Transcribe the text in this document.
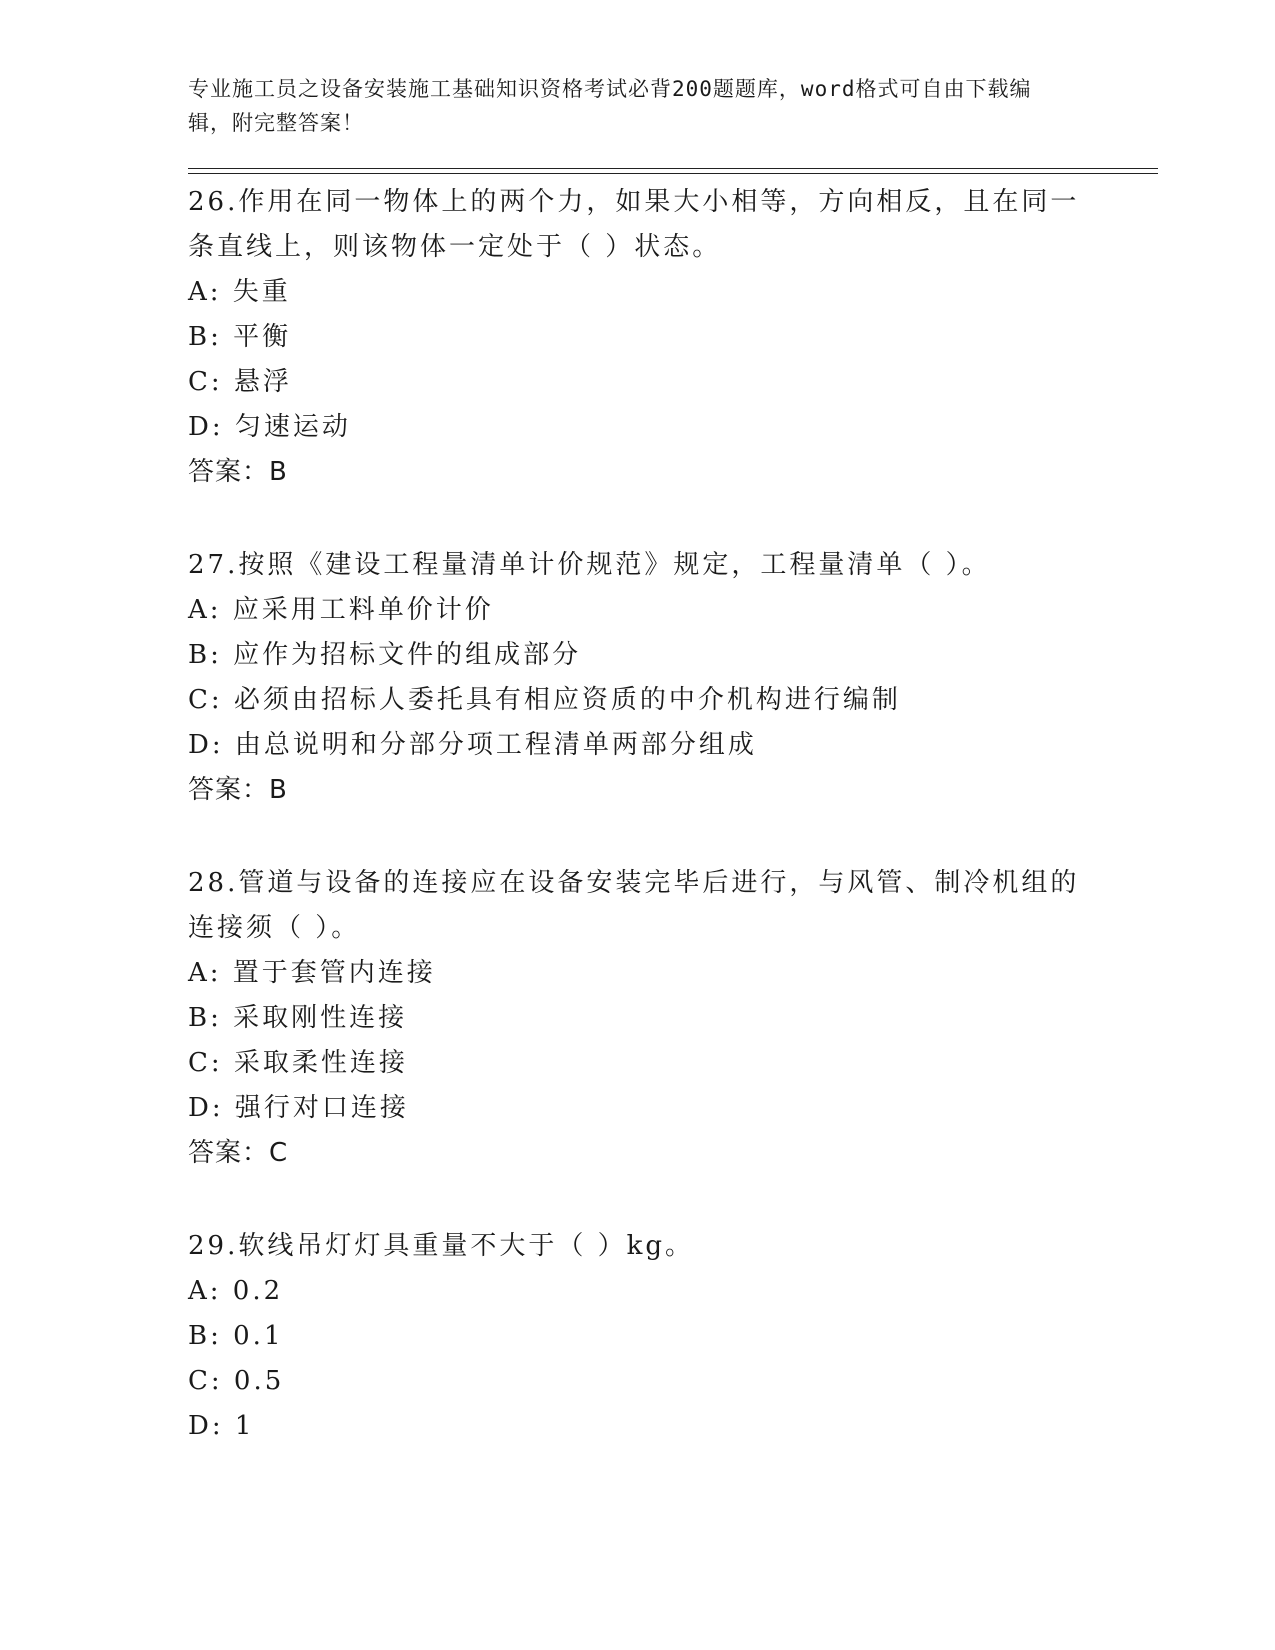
专业施工员之设备安装施工基础知识资格考试必背200题题库，word格式可自由下载编辑，附完整答案！
26.作用在同一物体上的两个力，如果大小相等，方向相反，且在同一条直线上，则该物体一定处于（ ）状态。
A: 失重
B: 平衡
C: 悬浮
D: 匀速运动
答案：B
27.按照《建设工程量清单计价规范》规定，工程量清单（ ）。
A: 应采用工料单价计价
B: 应作为招标文件的组成部分
C: 必须由招标人委托具有相应资质的中介机构进行编制
D: 由总说明和分部分项工程清单两部分组成
答案：B
28.管道与设备的连接应在设备安装完毕后进行，与风管、制冷机组的连接须（ ）。
A: 置于套管内连接
B: 采取刚性连接
C: 采取柔性连接
D: 强行对口连接
答案：C
29.软线吊灯灯具重量不大于（ ）kg。
A: 0.2
B: 0.1
C: 0.5
D: 1
